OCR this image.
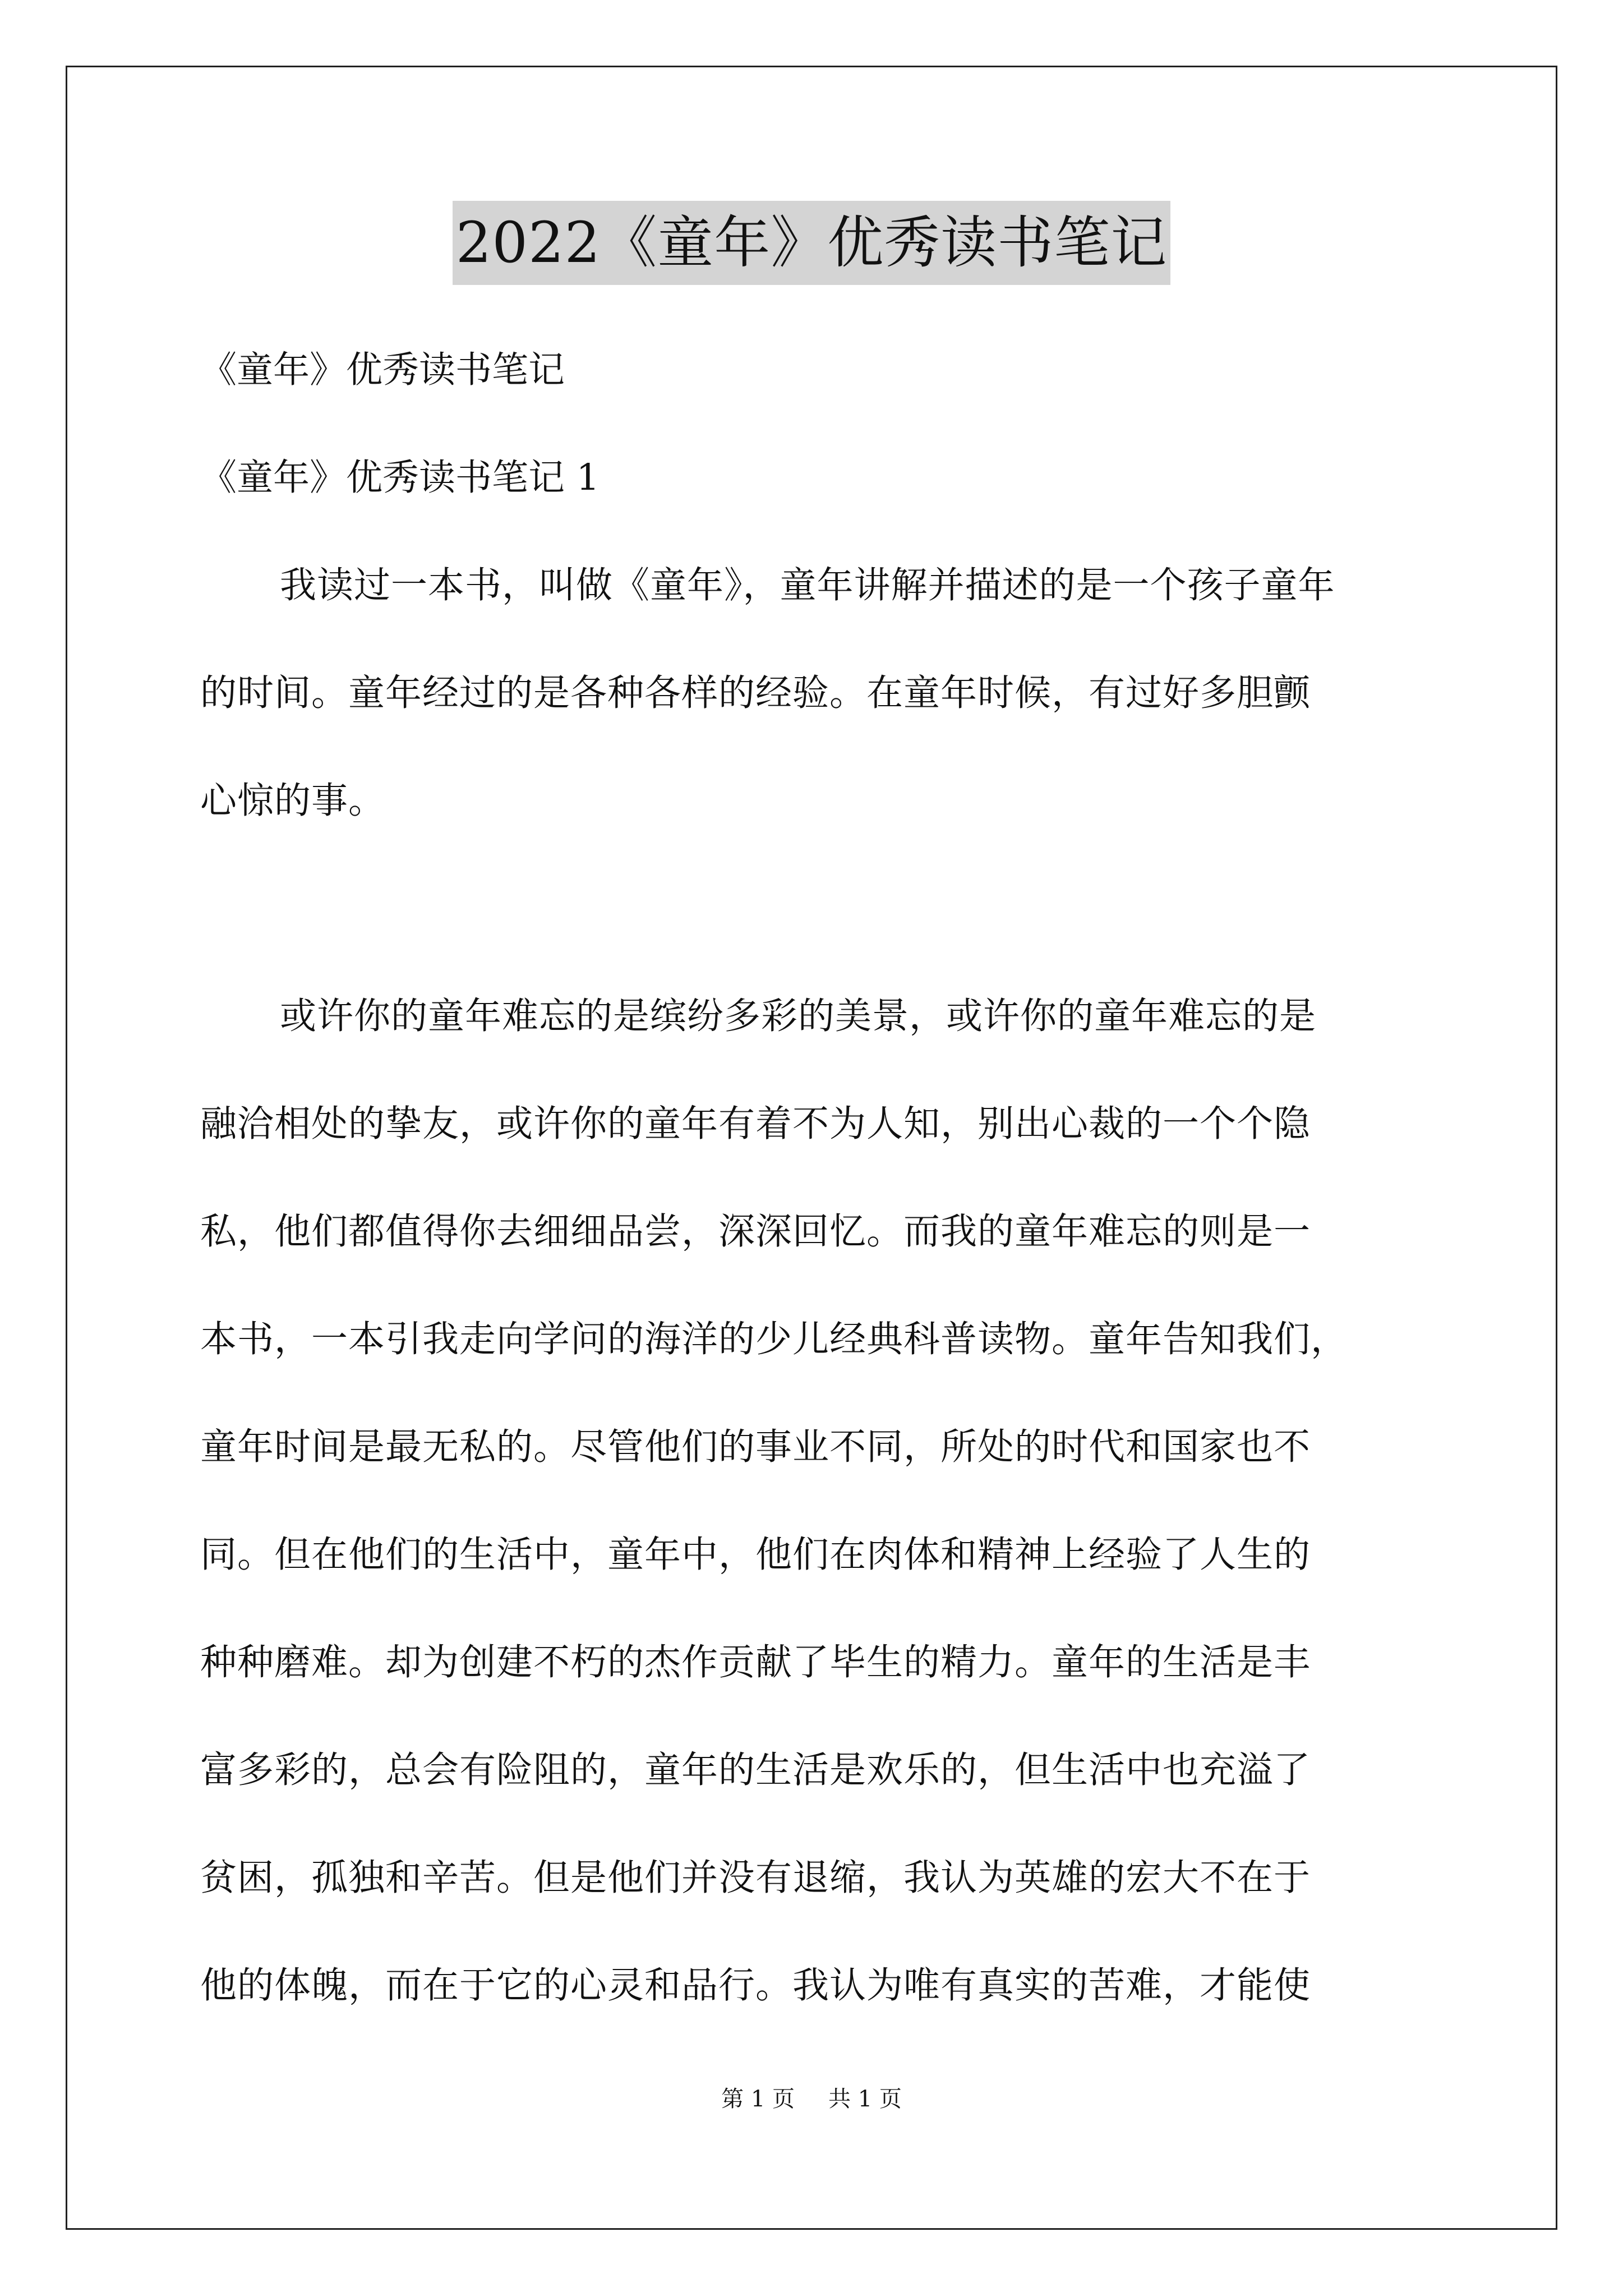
2022《童年》优秀读书笔记
《童年》优秀读书笔记
《童年》优秀读书笔记 1
我读过一本书，叫做《童年》，童年讲解并描述的是一个孩子童年
的时间。童年经过的是各种各样的经验。在童年时候，有过好多胆颤
心惊的事。
或许你的童年难忘的是缤纷多彩的美景，或许你的童年难忘的是
融洽相处的挚友，或许你的童年有着不为人知，别出心裁的一个个隐
私，他们都值得你去细细品尝，深深回忆。而我的童年难忘的则是一
本书，一本引我走向学问的海洋的少儿经典科普读物。童年告知我们，
童年时间是最无私的。尽管他们的事业不同，所处的时代和国家也不
同。但在他们的生活中，童年中，他们在肉体和精神上经验了人生的
种种磨难。却为创建不朽的杰作贡献了毕生的精力。童年的生活是丰
富多彩的，总会有险阻的，童年的生活是欢乐的，但生活中也充溢了
贫困，孤独和辛苦。但是他们并没有退缩，我认为英雄的宏大不在于
他的体魄，而在于它的心灵和品行。我认为唯有真实的苦难，才能使
第 1 页 共 1 页
